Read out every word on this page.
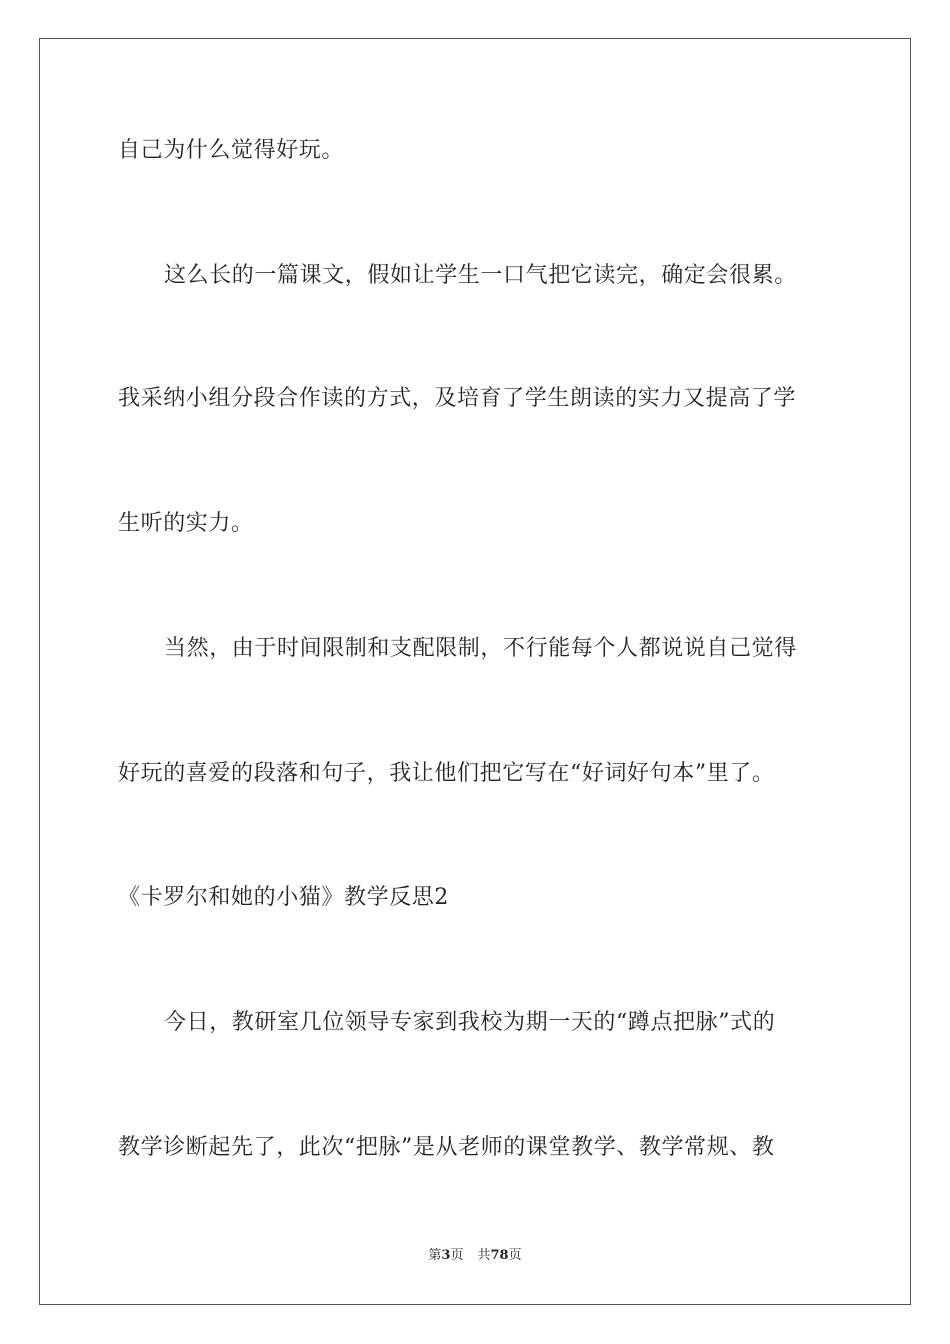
自己为什么觉得好玩。
这么长的一篇课文，假如让学生一口气把它读完，确定会很累。
我采纳小组分段合作读的方式，及培育了学生朗读的实力又提高了学
生听的实力。
当然，由于时间限制和支配限制，不行能每个人都说说自己觉得
好玩的喜爱的段落和句子，我让他们把它写在“好词好句本”里了。
《卡罗尔和她的小猫》教学反思2
今日，教研室几位领导专家到我校为期一天的“蹲点把脉”式的
教学诊断起先了，此次“把脉”是从老师的课堂教学、教学常规、教
第3页 共78页
